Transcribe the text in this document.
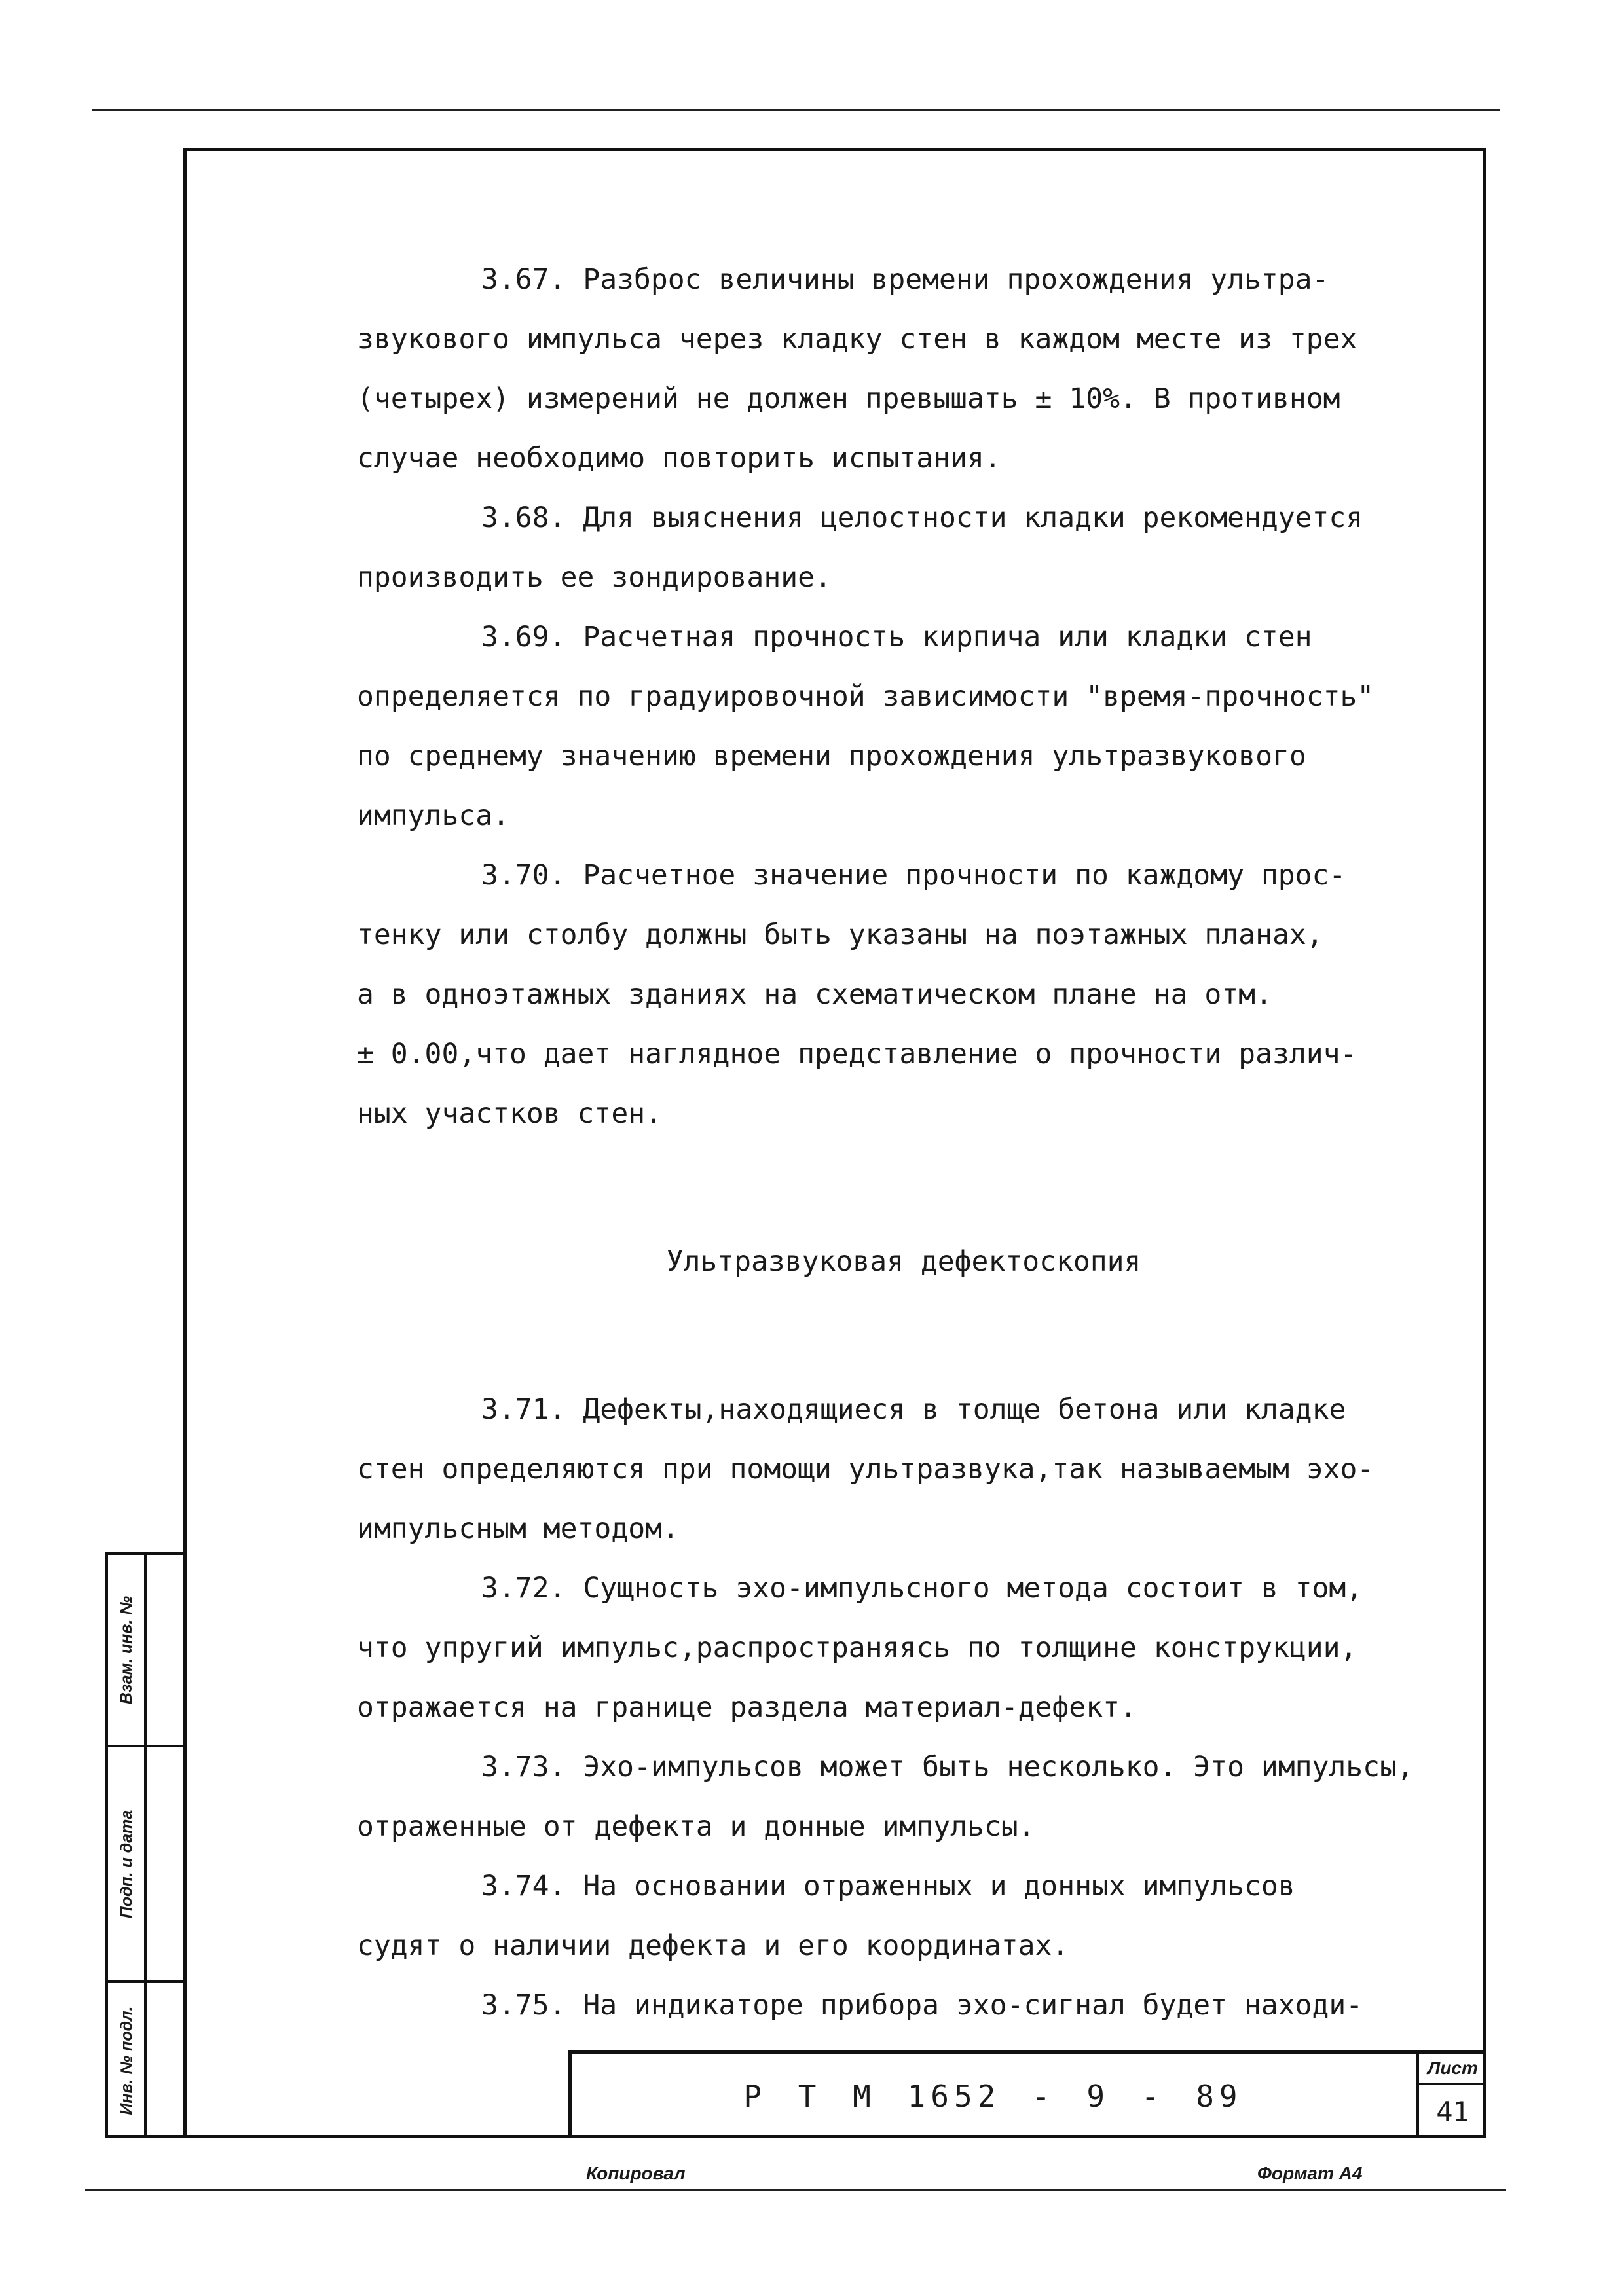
Взам. инв. №
Подп. и дата
Инв. № подл.
3.67. Разброс величины времени прохождения ультра-
звукового импульса через кладку стен в каждом месте из трех
(четырех) измерений не должен превышать ± 10%. В противном
случае необходимо повторить испытания.
3.68. Для выяснения целостности кладки рекомендуется
производить ее зондирование.
3.69. Расчетная прочность кирпича или кладки стен
определяется по градуировочной зависимости "время-прочность"
по среднему значению времени прохождения ультразвукового
импульса.
3.70. Расчетное значение прочности по каждому прос-
тенку или столбу должны быть указаны на поэтажных планах,
а в одноэтажных зданиях на схематическом плане на отм.
± 0.00,что дает наглядное представление о прочности различ-
ных участков стен.

Ультразвуковая дефектоскопия

3.71. Дефекты,находящиеся в толще бетона или кладке
стен определяются при помощи ультразвука,так называемым эхо-
импульсным методом.
3.72. Сущность эхо-импульсного метода состоит в том,
что упругий импульс,распространяясь по толщине конструкции,
отражается на границе раздела материал-дефект.
3.73. Эхо-импульсов может быть несколько. Это импульсы,
отраженные от дефекта и донные импульсы.
3.74. На основании отраженных и донных импульсов
судят о наличии дефекта и его координатах.
3.75. На индикаторе прибора эхо-сигнал будет находи-
Р Т М 1652 - 9 - 89
Лист
41
Копировал	Формат А4
